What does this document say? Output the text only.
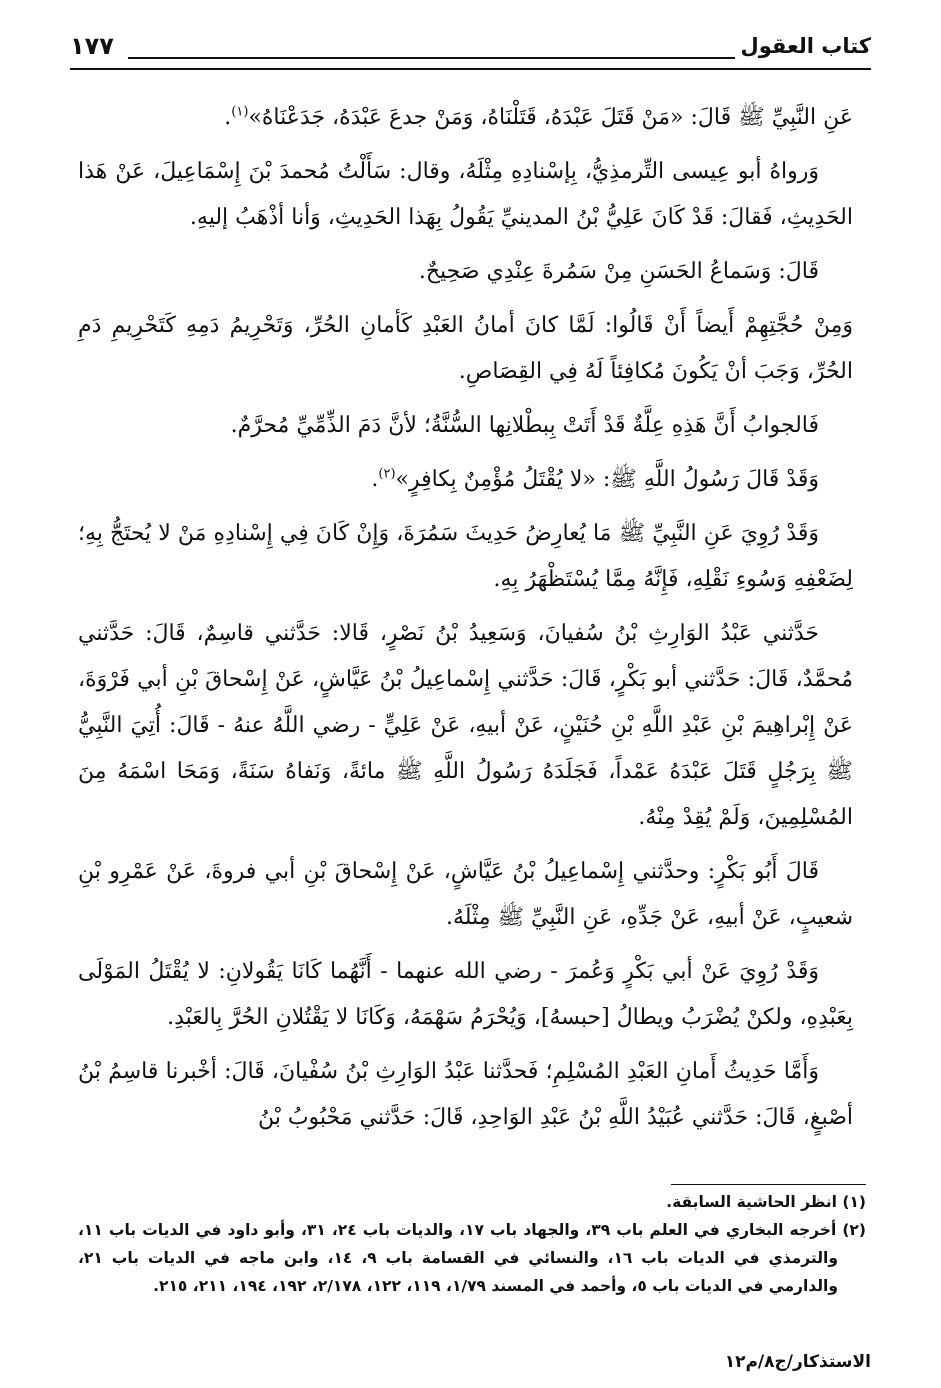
كتاب العقول
١٧٧

عَنِ النَّبِيِّ ﷺ قَالَ: «مَنْ قَتَلَ عَبْدَهُ، قَتَلْنَاهُ، وَمَنْ جدعَ عَبْدَهُ، جَدَعْنَاهُ»$^{(١)}$.

وَرواهُ أبو عِيسى التِّرمذِيُّ، بِإسْنادِهِ مِثْلَهُ، وقال: سَأَلْتُ مُحمدَ بْنَ إِسْمَاعِيلَ، عَنْ هَذا الحَدِيثِ، فَقالَ: قَدْ كَانَ عَلِيُّ بْنُ المدينيِّ يَقُولُ بِهَذا الحَدِيثِ، وَأنا أذْهَبُ إليهِ.

قَالَ: وَسَماعُ الحَسَنِ مِنْ سَمُرةَ عِنْدِي صَحِيحٌ.

وَمِنْ حُجَّتِهِمْ أَيضاً أَنْ قَالُوا: لَمَّا كانَ أمانُ العَبْدِ كَأمانِ الحُرِّ، وَتَحْرِيمُ دَمِهِ كَتَحْرِيمِ دَمِ الحُرِّ، وَجَبَ أنْ يَكُونَ مُكافِئاً لَهُ فِي القِصَاصِ.

فَالجوابُ أَنَّ هَذِهِ عِلَّةٌ قَدْ أَتَتْ بِبطْلانِها السُّنَّةُ؛ لأنَّ دَمَ الذِّمِّيِّ مُحرَّمٌ.

وَقَدْ قَالَ رَسُولُ اللَّهِ ﷺ: «لا يُقْتَلُ مُؤْمِنٌ بِكافِرٍ»$^{(٢)}$.

وَقَدْ رُوِيَ عَنِ النَّبِيِّ ﷺ مَا يُعارِضُ حَدِيثَ سَمُرَةَ، وَإِنْ كَانَ فِي إِسْنادِهِ مَنْ لا يُحتَجُّ بِهِ؛ لِضَعْفِهِ وَسُوءِ نَقْلِهِ، فَإِنَّهُ مِمَّا يُسْتَظْهَرُ بِهِ.

حَدَّثني عَبْدُ الوَارِثِ بْنُ سُفيانَ، وَسَعِيدُ بْنُ نَصْرٍ، قَالا: حَدَّثني قاسِمٌ، قَالَ: حَدَّثني مُحمَّدٌ، قَالَ: حَدَّثني أبو بَكْرٍ، قَالَ: حَدَّثني إِسْماعِيلُ بْنُ عَيَّاشٍ، عَنْ إِسْحاقَ بْنِ أبي فَرْوَةَ، عَنْ إِبْراهِيمَ بْنِ عَبْدِ اللَّهِ بْنِ حُنَيْنٍ، عَنْ أبيهِ، عَنْ عَلِيٍّ - رضي اللَّهُ عنهُ - قَالَ: أُتِيَ النَّبِيُّ ﷺ بِرَجُلٍ قَتَلَ عَبْدَهُ عَمْداً، فَجَلَدَهُ رَسُولُ اللَّهِ ﷺ مائةً، وَنَفاهُ سَنَةً، وَمَحَا اسْمَهُ مِنَ المُسْلِمِينَ، وَلَمْ يُقِدْ مِنْهُ.

قَالَ أَبُو بَكْرٍ: وحدَّثني إِسْماعِيلُ بْنُ عَيَّاشٍ، عَنْ إِسْحاقَ بْنِ أبي فروةَ، عَنْ عَمْرِو بْنِ شعيبٍ، عَنْ أبيهِ، عَنْ جَدِّهِ، عَنِ النَّبِيِّ ﷺ مِثْلَهُ.

وَقَدْ رُوِيَ عَنْ أبي بَكْرٍ وَعُمرَ - رضي الله عنهما - أَنَّهُما كَانَا يَقُولانِ: لا يُقْتَلُ المَوْلَى بِعَبْدِهِ، ولكنْ يُضْرَبُ ويطالُ [حبسهُ]، وَيُحْرَمُ سَهْمَهُ، وَكَانَا لا يَقْتُلانِ الحُرَّ بِالعَبْدِ.

وَأَمَّا حَدِيثُ أَمانِ العَبْدِ المُسْلِمِ؛ فَحدَّثنا عَبْدُ الوَارِثِ بْنُ سُفْيانَ، قَالَ: أخْبرنا قاسِمُ بْنُ أصْبغٍ، قَالَ: حَدَّثني عُبَيْدُ اللَّهِ بْنُ عَبْدِ الوَاحِدِ، قَالَ: حَدَّثني مَحْبُوبُ بْنُ

(١) انظر الحاشية السابقة.

(٢) أخرجه البخاري في العلم باب ٣٩، والجهاد باب ١٧، والديات باب ٢٤، ٣١، وأبو داود في الديات باب ١١، والترمذي في الديات باب ١٦، والنسائي في القسامة باب ٩، ١٤، وابن ماجه في الديات باب ٢١، والدارمي في الديات باب ٥، وأحمد في المسند ١/٧٩، ١١٩، ١٢٢، ٢/١٧٨، ١٩٢، ١٩٤، ٢١١، ٢١٥.

الاستذكار/ج٨/م١٢
